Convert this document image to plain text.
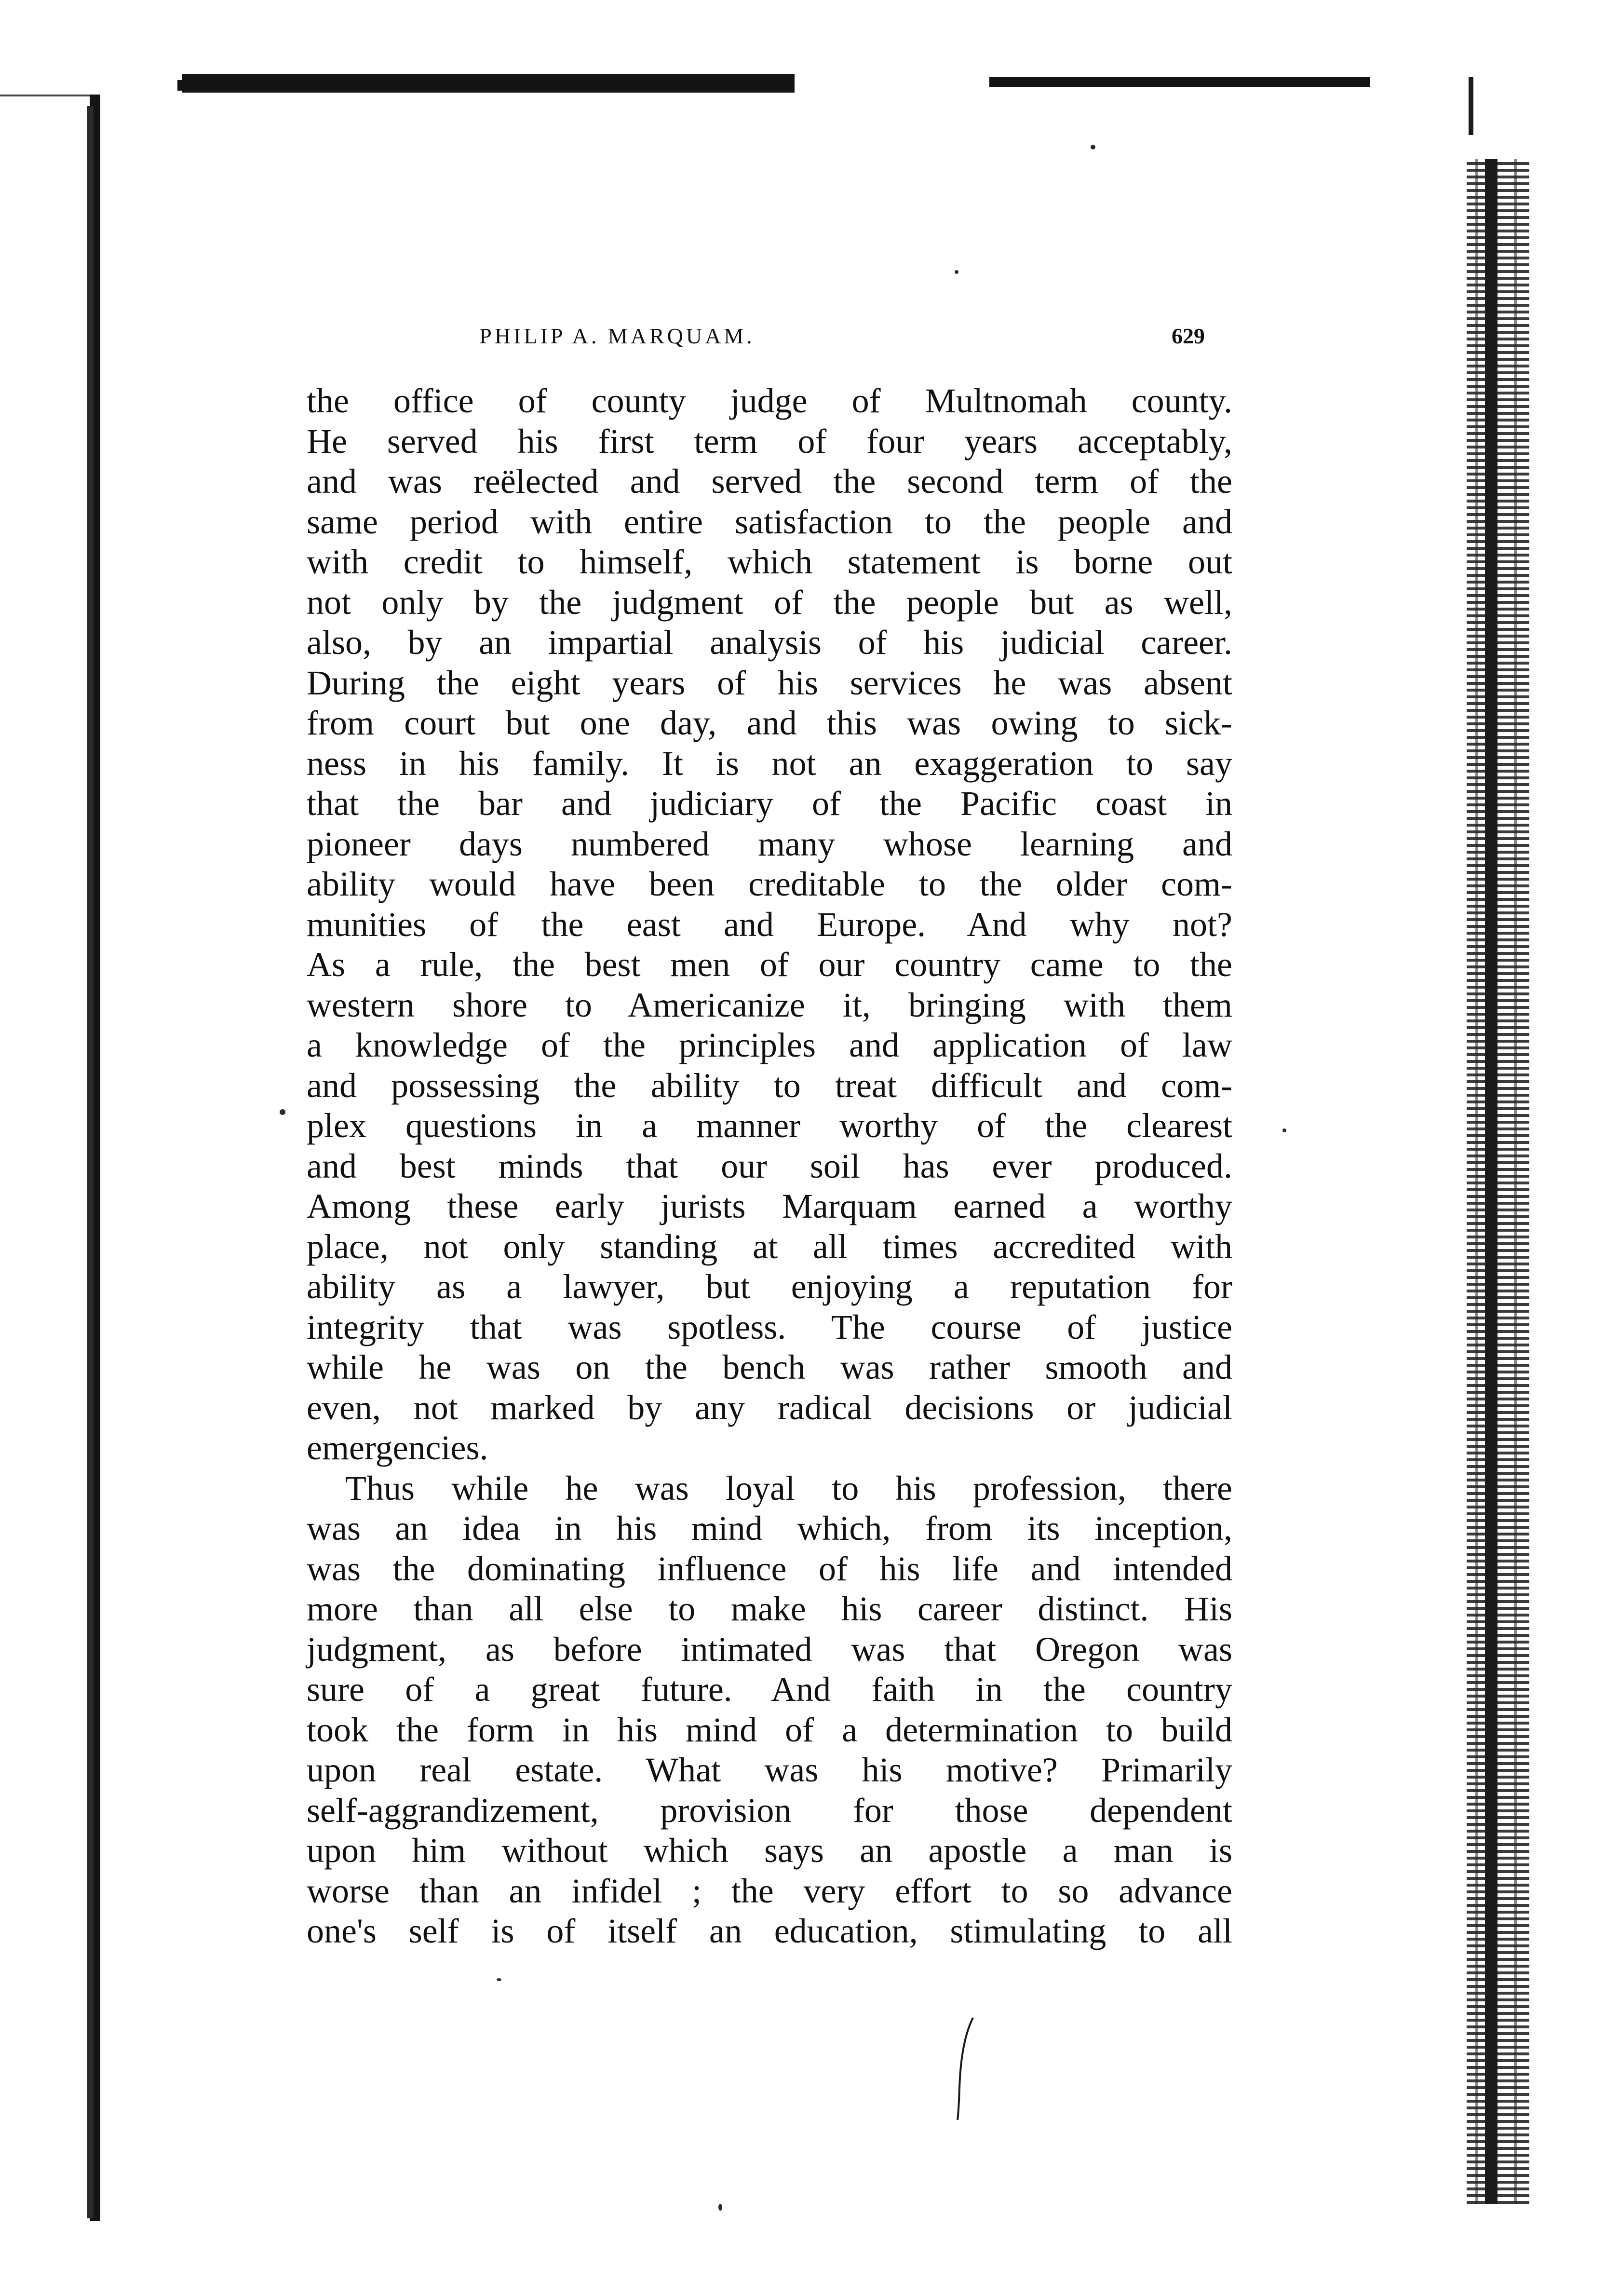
PHILIP A. MARQUAM.	629
the office of county judge of Multnomah county.
He served his first term of four years acceptably,
and was reëlected and served the second term of the
same period with entire satisfaction to the people and
with credit to himself, which statement is borne out
not only by the judgment of the people but as well,
also, by an impartial analysis of his judicial career.
During the eight years of his services he was absent
from court but one day, and this was owing to sick-
ness in his family. It is not an exaggeration to say
that the bar and judiciary of the Pacific coast in
pioneer days numbered many whose learning and
ability would have been creditable to the older com-
munities of the east and Europe. And why not?
As a rule, the best men of our country came to the
western shore to Americanize it, bringing with them
a knowledge of the principles and application of law
and possessing the ability to treat difficult and com-
plex questions in a manner worthy of the clearest
and best minds that our soil has ever produced.
Among these early jurists Marquam earned a worthy
place, not only standing at all times accredited with
ability as a lawyer, but enjoying a reputation for
integrity that was spotless. The course of justice
while he was on the bench was rather smooth and
even, not marked by any radical decisions or judicial
emergencies.
Thus while he was loyal to his profession, there
was an idea in his mind which, from its inception,
was the dominating influence of his life and intended
more than all else to make his career distinct. His
judgment, as before intimated was that Oregon was
sure of a great future. And faith in the country
took the form in his mind of a determination to build
upon real estate. What was his motive? Primarily
self-aggrandizement, provision for those dependent
upon him without which says an apostle a man is
worse than an infidel ; the very effort to so advance
one's self is of itself an education, stimulating to all
